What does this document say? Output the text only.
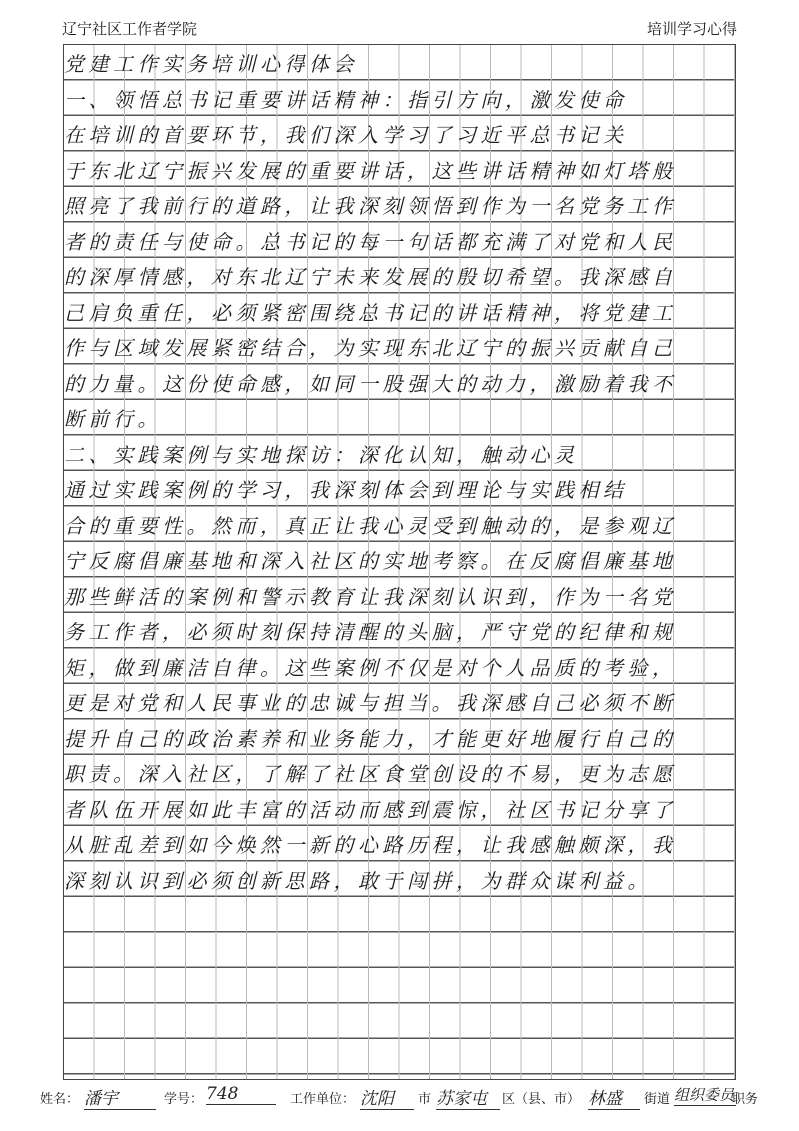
辽宁社区工作者学院	培训学习心得
党建工作实务培训心得体会
一、领悟总书记重要讲话精神：指引方向，激发使命
在培训的首要环节，我们深入学习了习近平总书记关
于东北辽宁振兴发展的重要讲话，这些讲话精神如灯塔般
照亮了我前行的道路，让我深刻领悟到作为一名党务工作
者的责任与使命。总书记的每一句话都充满了对党和人民
的深厚情感，对东北辽宁未来发展的殷切希望。我深感自
己肩负重任，必须紧密围绕总书记的讲话精神，将党建工
作与区域发展紧密结合，为实现东北辽宁的振兴贡献自己
的力量。这份使命感，如同一股强大的动力，激励着我不
断前行。
二、实践案例与实地探访：深化认知，触动心灵
通过实践案例的学习，我深刻体会到理论与实践相结
合的重要性。然而，真正让我心灵受到触动的，是参观辽
宁反腐倡廉基地和深入社区的实地考察。在反腐倡廉基地
那些鲜活的案例和警示教育让我深刻认识到，作为一名党
务工作者，必须时刻保持清醒的头脑，严守党的纪律和规
矩，做到廉洁自律。这些案例不仅是对个人品质的考验，
更是对党和人民事业的忠诚与担当。我深感自己必须不断
提升自己的政治素养和业务能力，才能更好地履行自己的
职责。深入社区，了解了社区食堂创设的不易，更为志愿
者队伍开展如此丰富的活动而感到震惊，社区书记分享了
从脏乱差到如今焕然一新的心路历程，让我感触颇深，我
深刻认识到必须创新思路，敢于闯拼，为群众谋利益。
姓名： 潘宇	学号： 748	工作单位： 沈阳	市 苏家屯	区（县、市） 林盛	街道 组织委员
职务
